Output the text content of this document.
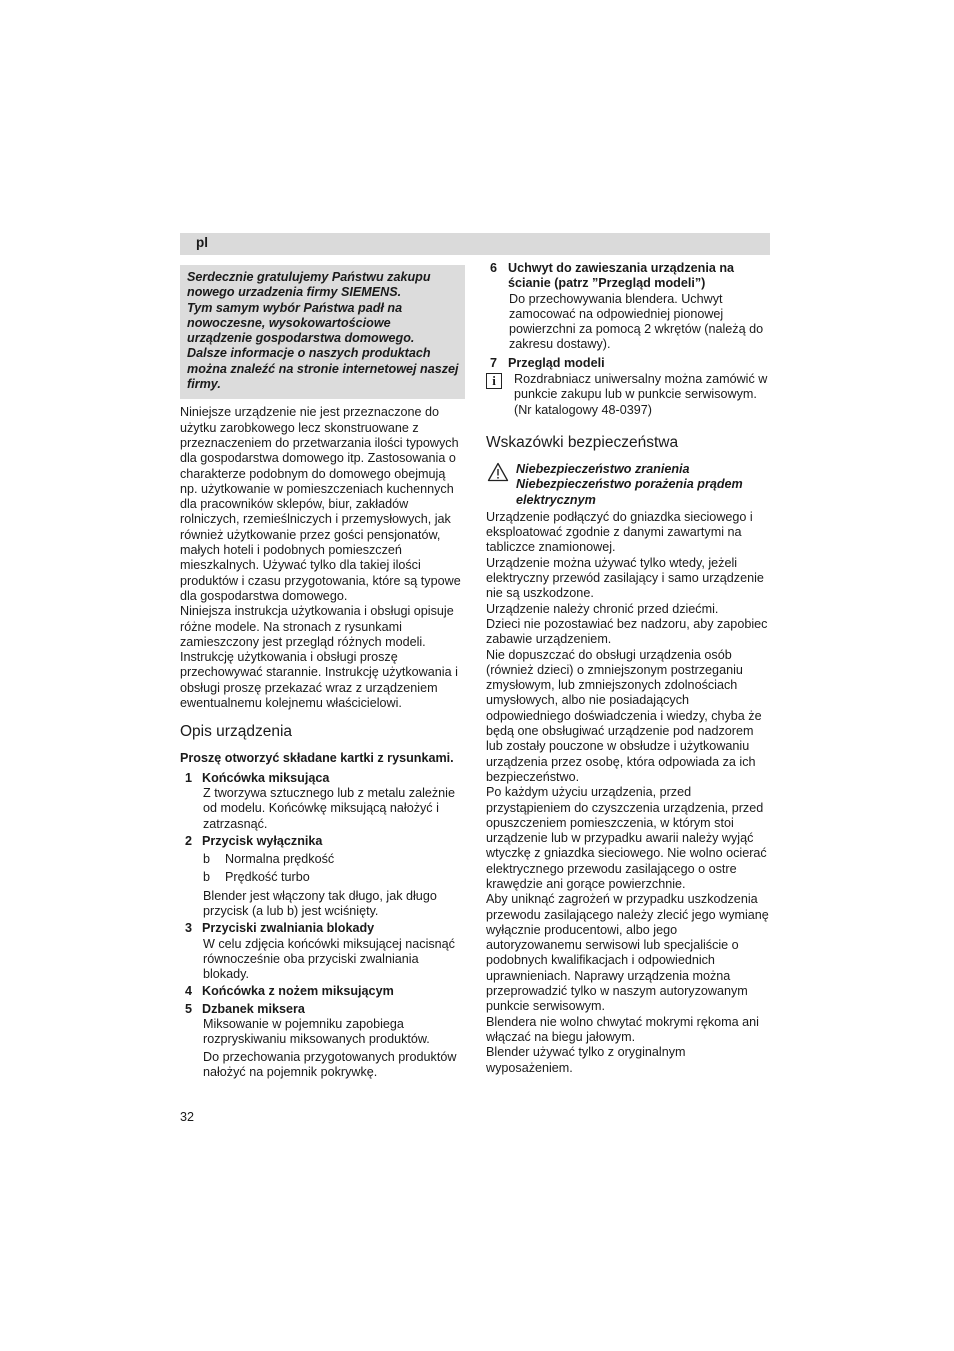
pl

Serdecznie gratulujemy Państwu zakupu nowego urzadzenia firmy SIEMENS.

Tym samym wybór Państwa padł na nowoczesne, wysokowartościowe urządzenie gospodarstwa domowego.

Dalsze informacje o naszych produktach można znaleźć na stronie internetowej naszej firmy.

Niniejsze urządzenie nie jest przeznaczone do użytku zarobkowego lecz skonstruowane z przeznaczeniem do przetwarzania ilości typowych dla gospodarstwa domowego itp. Zastosowania o charakterze podobnym do domowego obejmują np. użytkowanie w pomieszczeniach kuchennych dla pracowników sklepów, biur, zakładów rolniczych, rzemieślniczych i przemysłowych, jak również użytkowanie przez gości pensjonatów, małych hoteli i podobnych pomieszczeń mieszkalnych. Używać tylko dla takiej ilości produktów i czasu przygotowania, które są typowe dla gospodarstwa domowego.

Niniejsza instrukcja użytkowania i obsługi opisuje różne modele. Na stronach z rysunkami zamieszczony jest przegląd różnych modeli. Instrukcję użytkowania i obsługi proszę przechowywać starannie. Instrukcję użytkowania i obsługi proszę przekazać wraz z urządzeniem ewentualnemu kolejnemu właścicielowi.

Opis urządzenia
Proszę otworzyć składane kartki z rysunkami.
1 Końcówka miksująca
Z tworzywa sztucznego lub z metalu zależnie od modelu. Końcówkę miksującą nałożyć i zatrzasnąć.
2 Przycisk wyłącznika
b	Normalna prędkość
b	Prędkość turbo
Blender jest włączony tak długo, jak długo przycisk (a lub b) jest wciśnięty.
3 Przyciski zwalniania blokady
W celu zdjęcia końcówki miksującej nacisnąć równocześnie oba przyciski zwalniania blokady.
4 Końcówka z nożem miksującym
5 Dzbanek miksera
Miksowanie w pojemniku zapobiega rozpryskiwaniu miksowanych produktów.
Do przechowania przygotowanych produktów nałożyć na pojemnik pokrywkę.
6 Uchwyt do zawieszania urządzenia na ścianie (patrz ”Przegląd modeli”)
Do przechowywania blendera. Uchwyt zamocować na odpowiedniej pionowej powierzchni za pomocą 2 wkrętów (należą do zakresu dostawy).
7 Przegląd modeli
i	Rozdrabniacz uniwersalny można zamówić w punkcie zakupu lub w punkcie serwisowym.
(Nr katalogowy 48-0397)
Wskazówki bezpieczeństwa
Niebezpieczeństwo zranienia
Niebezpieczeństwo porażenia prądem elektrycznym

Urządzenie podłączyć do gniazdka sieciowego i eksploatować zgodnie z danymi zawartymi na tabliczce znamionowej.

Urządzenie można używać tylko wtedy, jeżeli elektryczny przewód zasilający i samo urządzenie nie są uszkodzone.

Urządzenie należy chronić przed dziećmi.

Dzieci nie pozostawiać bez nadzoru, aby zapobiec zabawie urządzeniem.

Nie dopuszczać do obsługi urządzenia osób (również dzieci) o zmniejszonym postrzeganiu zmysłowym, lub zmniejszonych zdolnościach umysłowych, albo nie posiadających odpowiedniego doświadczenia i wiedzy, chyba że będą one obsługiwać urządzenie pod nadzorem lub zostały pouczone w obsłudze i użytkowaniu urządzenia przez osobę, która odpowiada za ich bezpieczeństwo.

Po każdym użyciu urządzenia, przed przystąpieniem do czyszczenia urządzenia, przed opuszczeniem pomieszczenia, w którym stoi urządzenie lub w przypadku awarii należy wyjąć wtyczkę z gniazdka sieciowego. Nie wolno ocierać elektrycznego przewodu zasilającego o ostre krawędzie ani gorące powierzchnie.

Aby uniknąć zagrożeń w przypadku uszkodzenia przewodu zasilającego należy zlecić jego wymianę wyłącznie producentowi, albo jego autoryzowanemu serwisowi lub specjaliście o podobnych kwalifikacjach i odpowiednich uprawnieniach. Naprawy urządzenia można przeprowadzić tylko w naszym autoryzowanym punkcie serwisowym.

Blendera nie wolno chwytać mokrymi rękoma ani włączać na biegu jałowym.

Blender używać tylko z oryginalnym wyposażeniem.

32
